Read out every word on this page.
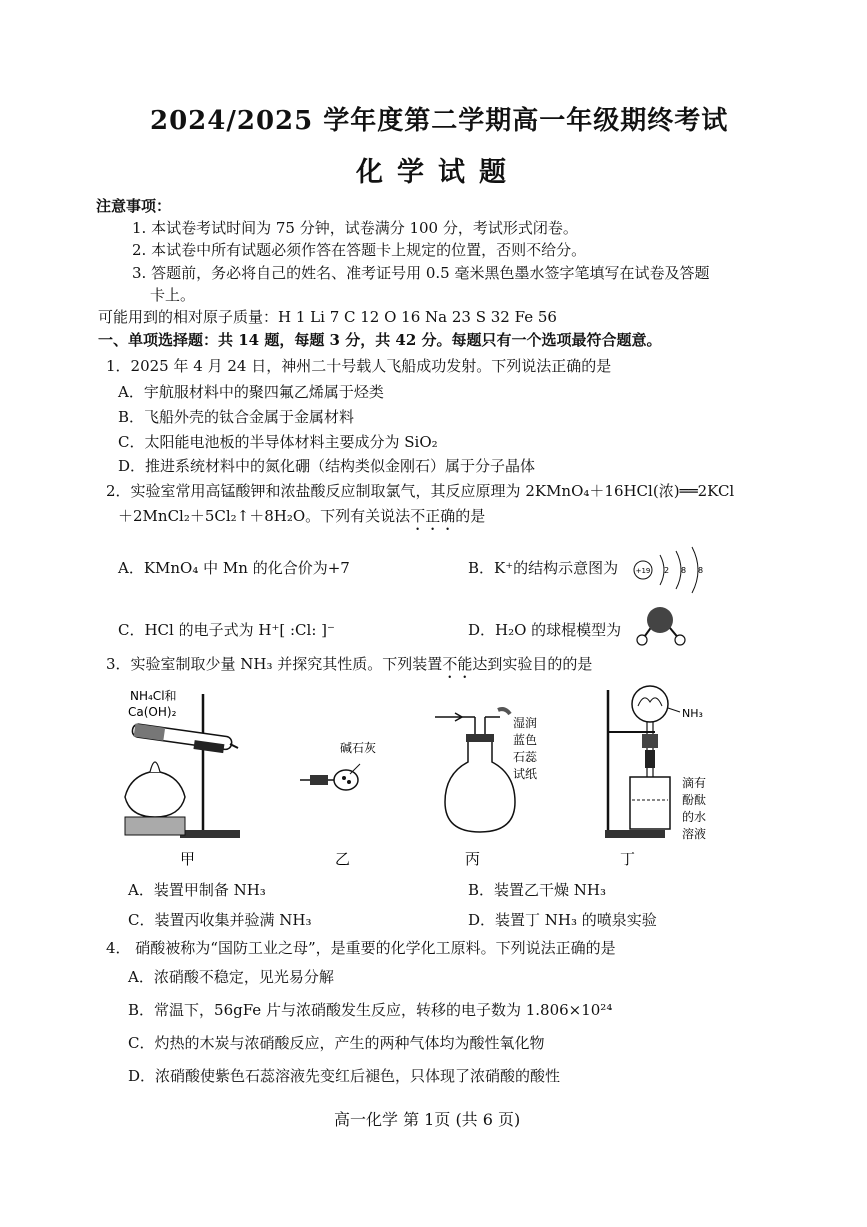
2024/2025 学年度第二学期高一年级期终考试
化学试题
注意事项：
1. 本试卷考试时间为 75 分钟，试卷满分 100 分，考试形式闭卷。
2. 本试卷中所有试题必须作答在答题卡上规定的位置，否则不给分。
3. 答题前，务必将自己的姓名、准考证号用 0.5 毫米黑色墨水签字笔填写在试卷及答题
卡上。
可能用到的相对原子质量：H 1 Li 7 C 12 O 16 Na 23 S 32 Fe 56
一、单项选择题：共 14 题，每题 3 分，共 42 分。每题只有一个选项最符合题意。
1．2025 年 4 月 24 日，神州二十号载人飞船成功发射。下列说法正确的是
A．宇航服材料中的聚四氟乙烯属于烃类
B．飞船外壳的钛合金属于金属材料
C．太阳能电池板的半导体材料主要成分为 SiO₂
D．推进系统材料中的氮化硼（结构类似金刚石）属于分子晶体
2．实验室常用高锰酸钾和浓盐酸反应制取氯气，其反应原理为 2KMnO₄＋16HCl(浓)══2KCl
＋2MnCl₂＋5Cl₂↑＋8H₂O。下列有关说法不正确的是
A．KMnO₄ 中 Mn 的化合价为+7	B．K⁺的结构示意图为 +19 2 8 8
C．HCl 的电子式为 H⁺[ :Cl: ]⁻	D．H₂O 的球棍模型为
3．实验室制取少量 NH₃ 并探究其性质。下列装置不能达到实验目的的是
NH₄Cl和
Ca(OH)₂
碱石灰
湿润
蓝色
石蕊
试纸
NH₃
滴有
酚酞
的水
溶液
甲	乙	丙	丁
A．装置甲制备 NH₃	B．装置乙干燥 NH₃
C．装置丙收集并验满 NH₃	D．装置丁 NH₃ 的喷泉实验
4． 硝酸被称为“国防工业之母”，是重要的化学化工原料。下列说法正确的是
A．浓硝酸不稳定，见光易分解
B．常温下，56gFe 片与浓硝酸发生反应，转移的电子数为 1.806×10²⁴
C．灼热的木炭与浓硝酸反应，产生的两种气体均为酸性氧化物
D．浓硝酸使紫色石蕊溶液先变红后褪色，只体现了浓硝酸的酸性
高一化学 第 1页 (共 6 页)
